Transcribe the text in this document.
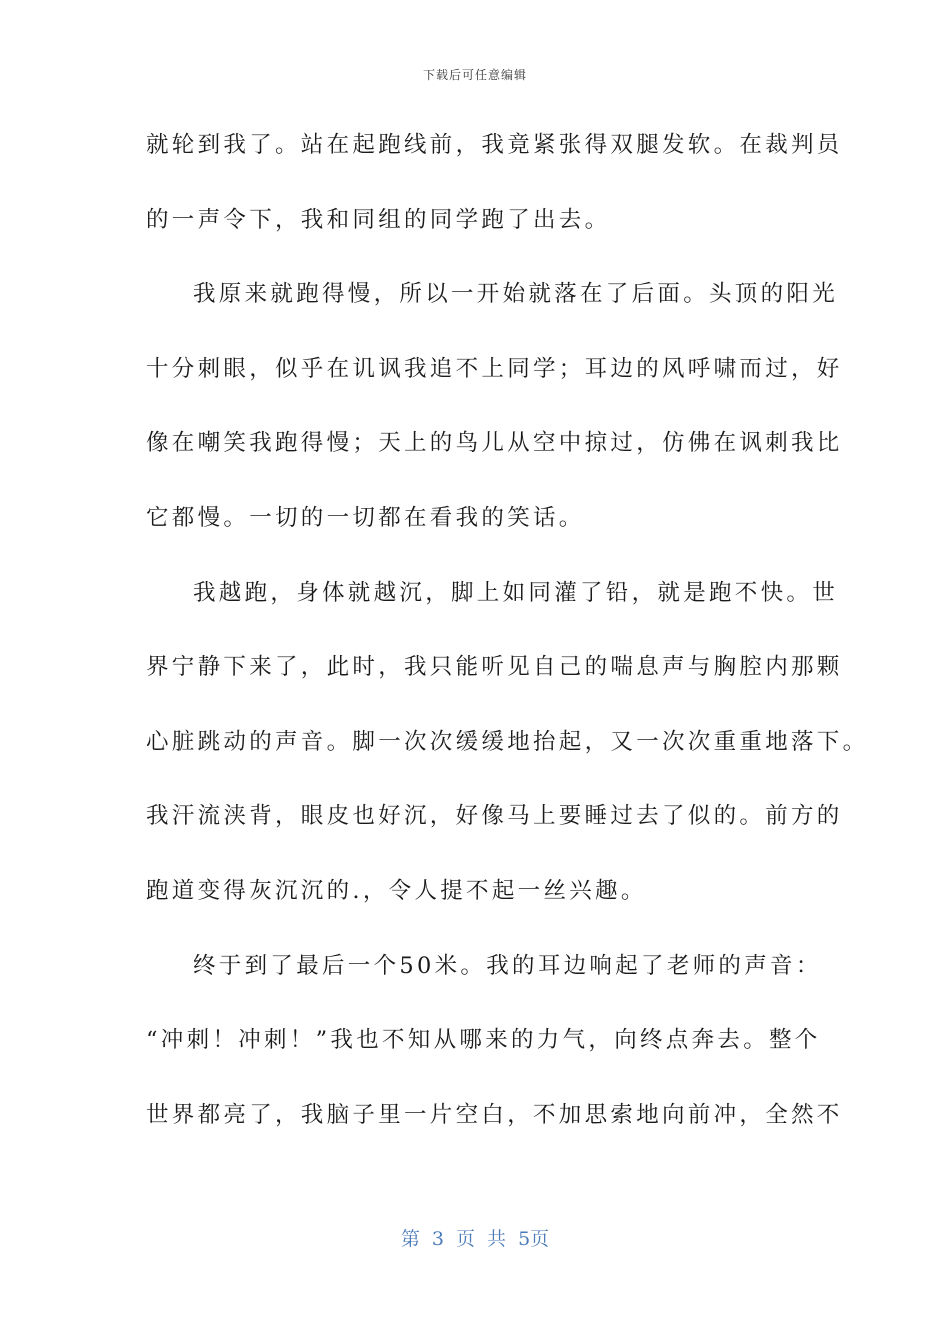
下载后可任意编辑
就轮到我了。站在起跑线前，我竟紧张得双腿发软。在裁判员
的一声令下，我和同组的同学跑了出去。
我原来就跑得慢，所以一开始就落在了后面。头顶的阳光
十分刺眼，似乎在讥讽我追不上同学；耳边的风呼啸而过，好
像在嘲笑我跑得慢；天上的鸟儿从空中掠过，仿佛在讽刺我比
它都慢。一切的一切都在看我的笑话。
我越跑，身体就越沉，脚上如同灌了铅，就是跑不快。世
界宁静下来了，此时，我只能听见自己的喘息声与胸腔内那颗
心脏跳动的声音。脚一次次缓缓地抬起，又一次次重重地落下。
我汗流浃背，眼皮也好沉，好像马上要睡过去了似的。前方的
跑道变得灰沉沉的.，令人提不起一丝兴趣。
终于到了最后一个50米。我的耳边响起了老师的声音：
“冲刺！冲刺！”我也不知从哪来的力气，向终点奔去。整个
世界都亮了，我脑子里一片空白，不加思索地向前冲，全然不
第 3 页 共 5页
